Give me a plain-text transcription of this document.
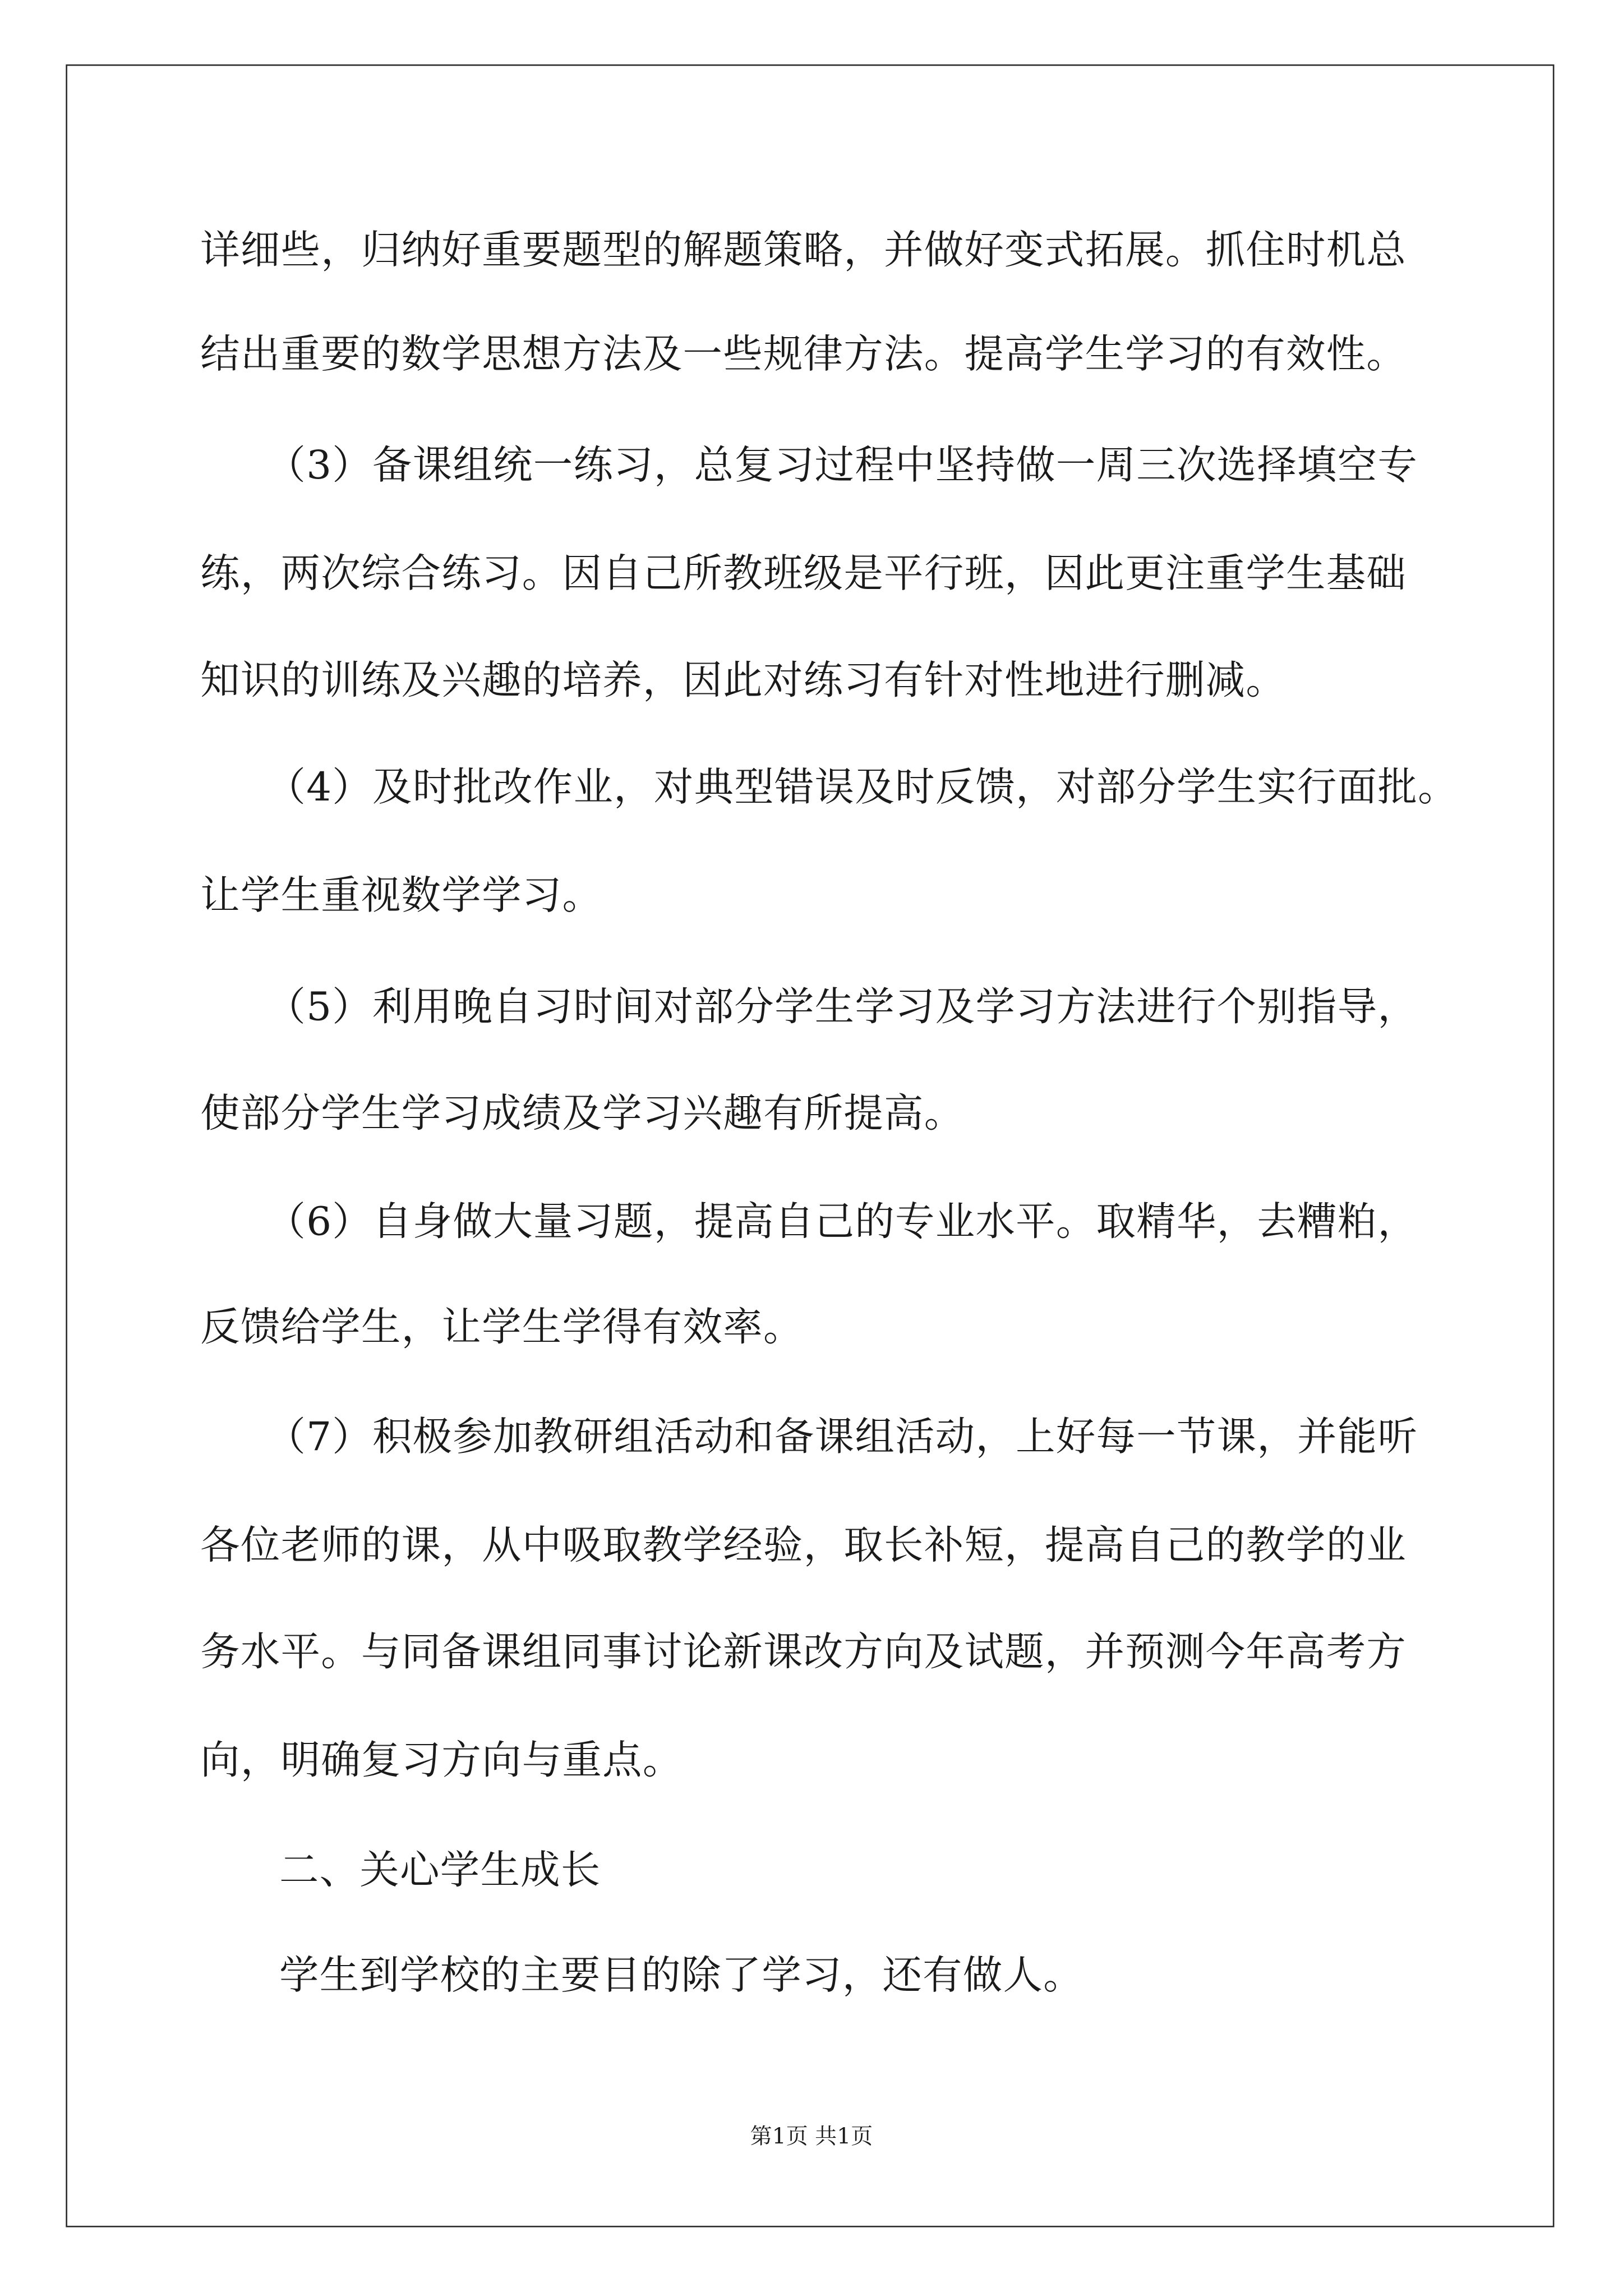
详细些，归纳好重要题型的解题策略，并做好变式拓展。抓住时机总

结出重要的数学思想方法及一些规律方法。提高学生学习的有效性。

（3）备课组统一练习，总复习过程中坚持做一周三次选择填空专

练，两次综合练习。因自己所教班级是平行班，因此更注重学生基础

知识的训练及兴趣的培养，因此对练习有针对性地进行删减。

（4）及时批改作业，对典型错误及时反馈，对部分学生实行面批。

让学生重视数学学习。

（5）利用晚自习时间对部分学生学习及学习方法进行个别指导，

使部分学生学习成绩及学习兴趣有所提高。

（6）自身做大量习题，提高自己的专业水平。取精华，去糟粕，

反馈给学生，让学生学得有效率。

（7）积极参加教研组活动和备课组活动，上好每一节课，并能听

各位老师的课，从中吸取教学经验，取长补短，提高自己的教学的业

务水平。与同备课组同事讨论新课改方向及试题，并预测今年高考方

向，明确复习方向与重点。

二、关心学生成长

学生到学校的主要目的除了学习，还有做人。

第1页 共1页
